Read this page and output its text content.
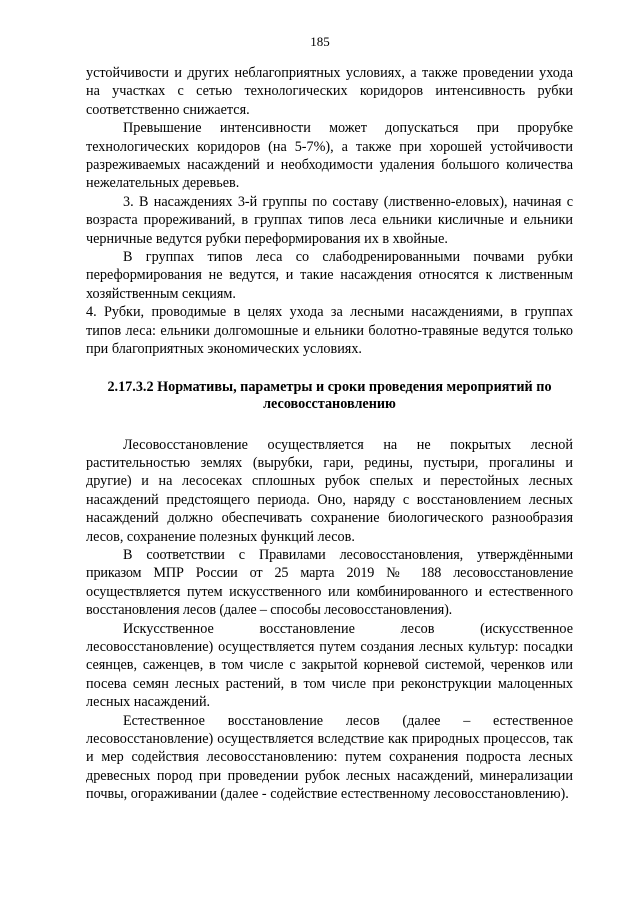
185

устойчивости и других неблагоприятных условиях, а также проведении ухода на участках с сетью технологических коридоров интенсивность рубки соответственно снижается.

Превышение интенсивности может допускаться при прорубке технологических коридоров (на 5-7%), а также при хорошей устойчивости разреживаемых насаждений и необходимости удаления большого количества нежелательных деревьев.

3. В насаждениях 3-й группы по составу (лиственно-еловых), начиная с возраста прореживаний, в группах типов леса ельники кисличные и ельники черничные ведутся рубки переформирования их в хвойные.

В группах типов леса со слабодренированными почвами рубки переформирования не ведутся, и такие насаждения относятся к лиственным хозяйственным секциям.

4. Рубки, проводимые в целях ухода за лесными насаждениями, в группах типов леса: ельники долгомошные и ельники болотно-травяные ведутся только при благоприятных экономических условиях.

2.17.3.2 Нормативы, параметры и сроки проведения мероприятий по лесовосстановлению

Лесовосстановление осуществляется на не покрытых лесной растительностью землях (вырубки, гари, редины, пустыри, прогалины и другие) и на лесосеках сплошных рубок спелых и перестойных лесных насаждений предстоящего периода. Оно, наряду с восстановлением лесных насаждений должно обеспечивать сохранение биологического разнообразия лесов, сохранение полезных функций лесов.

В соответствии с Правилами лесовосстановления, утверждёнными приказом МПР России от 25 марта 2019 № 188 лесовосстановление осуществляется путем искусственного или комбинированного и естественного восстановления лесов (далее – способы лесовосстановления).

Искусственное восстановление лесов (искусственное лесовосстановление) осуществляется путем создания лесных культур: посадки сеянцев, саженцев, в том числе с закрытой корневой системой, черенков или посева семян лесных растений, в том числе при реконструкции малоценных лесных насаждений.

Естественное восстановление лесов (далее – естественное лесовосстановление) осуществляется вследствие как природных процессов, так и мер содействия лесовосстановлению: путем сохранения подроста лесных древесных пород при проведении рубок лесных насаждений, минерализации почвы, огораживании (далее - содействие естественному лесовосстановлению).
